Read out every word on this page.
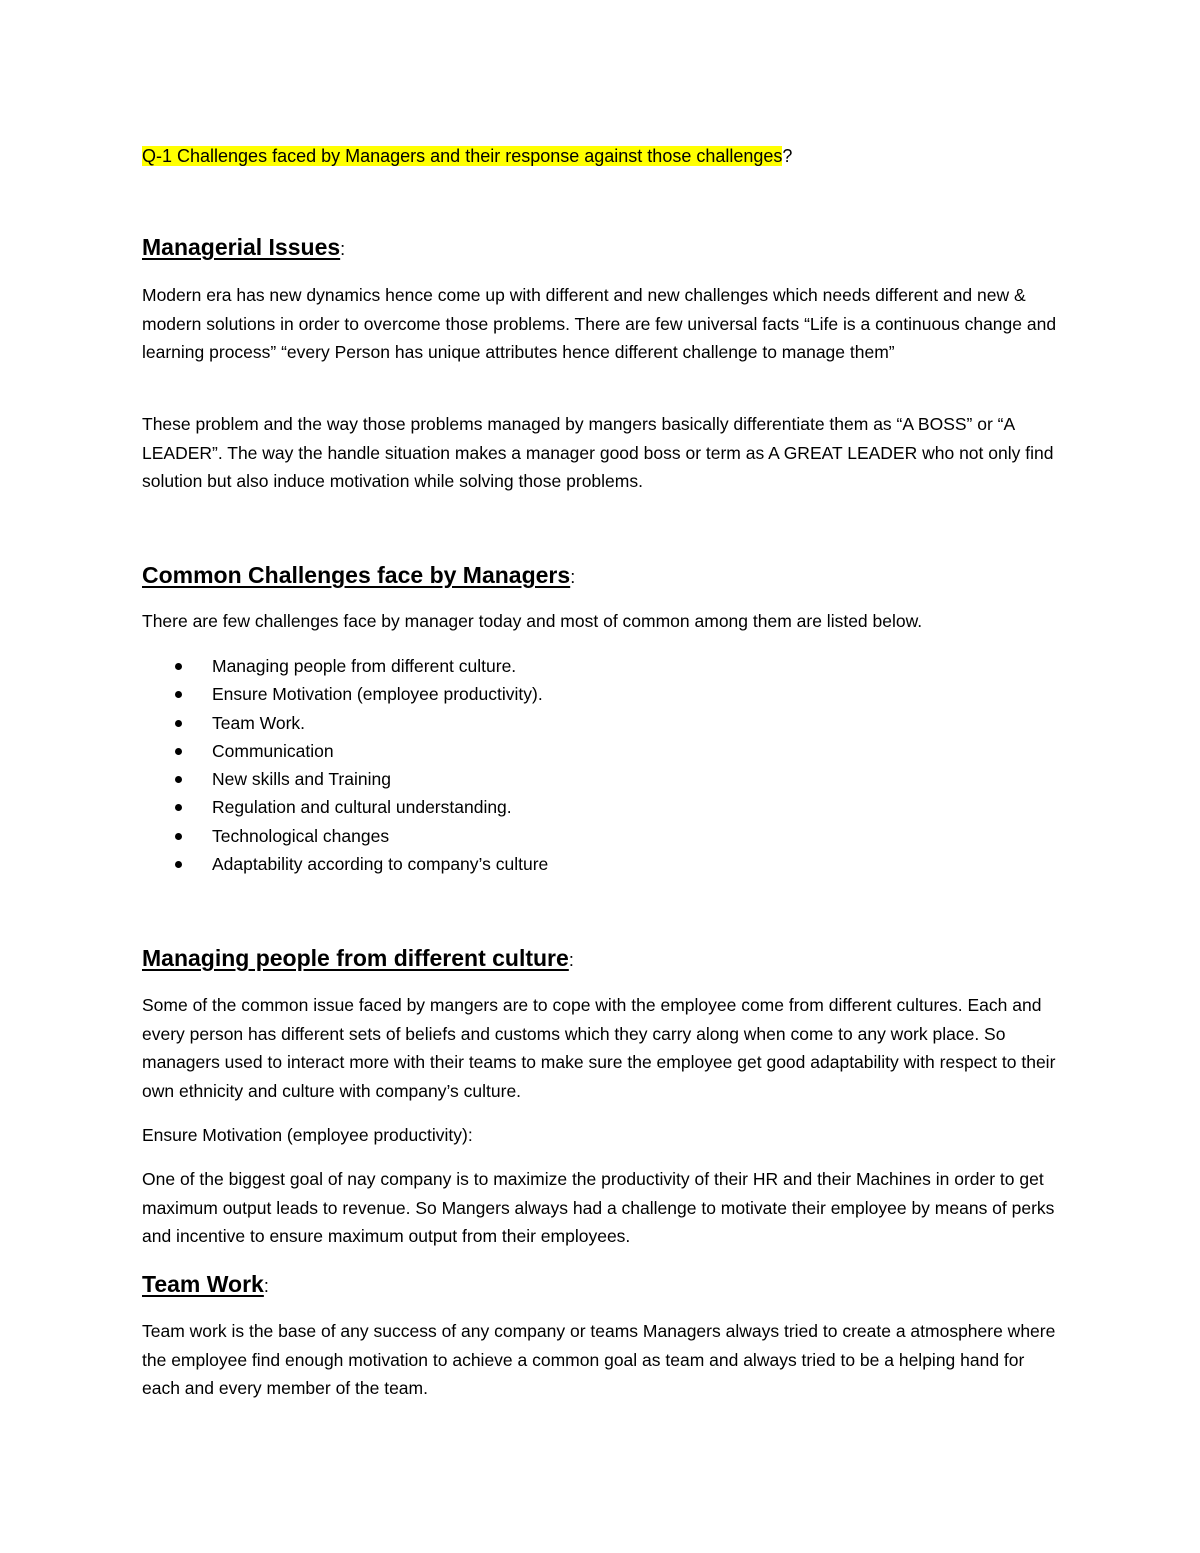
Q-1 Challenges faced by Managers and their response against those challenges?
Managerial Issues:

Modern era has new dynamics hence come up with different and new challenges which needs different and new & modern solutions in order to overcome those problems. There are few universal facts “Life is a continuous change and learning process” “every Person has unique attributes hence different challenge to manage them”

These problem and the way those problems managed by mangers basically differentiate them as “A BOSS” or “A LEADER”. The way the handle situation makes a manager good boss or term as A GREAT LEADER who not only find solution but also induce motivation while solving those problems.

Common Challenges face by Managers:

There are few challenges face by manager today and most of common among them are listed below.

Managing people from different culture.
Ensure Motivation (employee productivity).
Team Work.
Communication
New skills and Training
Regulation and cultural understanding.
Technological changes
Adaptability according to company’s culture
Managing people from different culture:

Some of the common issue faced by mangers are to cope with the employee come from different cultures. Each and every person has different sets of beliefs and customs which they carry along when come to any work place. So managers used to interact more with their teams to make sure the employee get good adaptability with respect to their own ethnicity and culture with company’s culture.

Ensure Motivation (employee productivity):

One of the biggest goal of nay company is to maximize the productivity of their HR and their Machines in order to get maximum output leads to revenue. So Mangers always had a challenge to motivate their employee by means of perks and incentive to ensure maximum output from their employees.

Team Work:

Team work is the base of any success of any company or teams Managers always tried to create a atmosphere where the employee find enough motivation to achieve a common goal as team and always tried to be a helping hand for each and every member of the team.
